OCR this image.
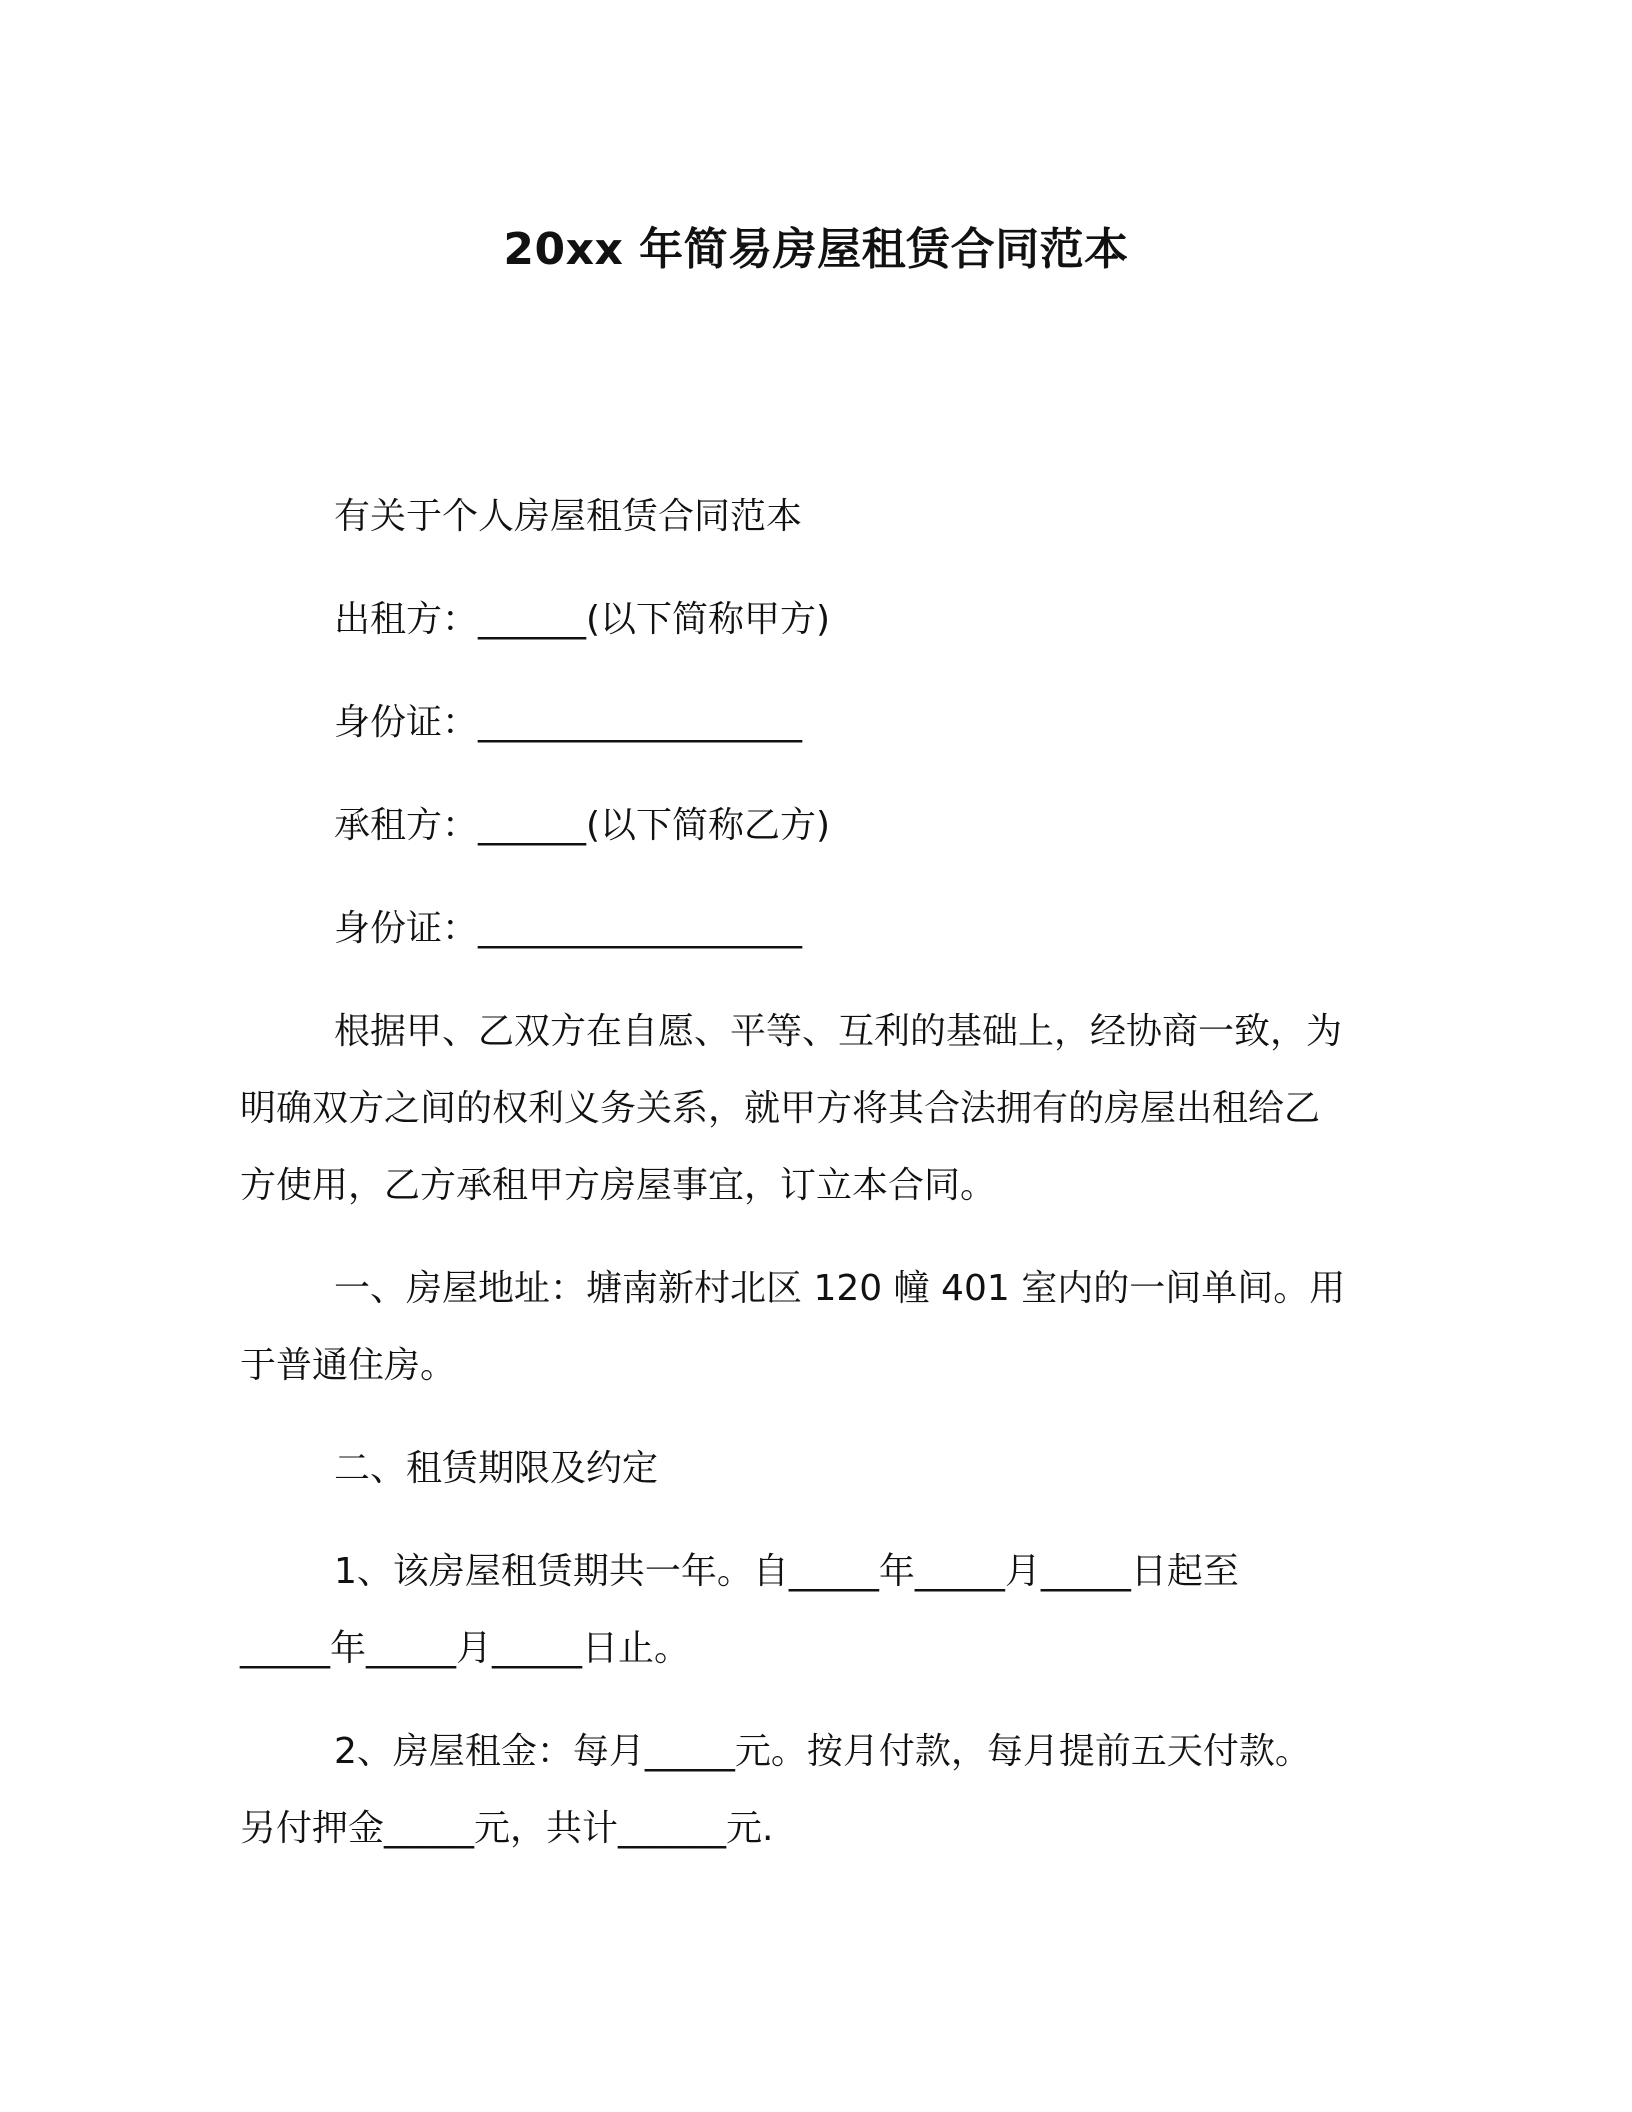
20xx 年简易房屋租赁合同范本
有关于个人房屋租赁合同范本
出租方：______(以下简称甲方)
身份证：__________________
承租方：______(以下简称乙方)
身份证：__________________
根据甲、乙双方在自愿、平等、互利的基础上，经协商一致，为
明确双方之间的权利义务关系，就甲方将其合法拥有的房屋出租给乙
方使用，乙方承租甲方房屋事宜，订立本合同。
一、房屋地址：塘南新村北区 120 幢 401 室内的一间单间。用
于普通住房。
二、租赁期限及约定
1、该房屋租赁期共一年。自_____年_____月_____日起至
_____年_____月_____日止。
2、房屋租金：每月_____元。按月付款，每月提前五天付款。
另付押金_____元，共计______元.
